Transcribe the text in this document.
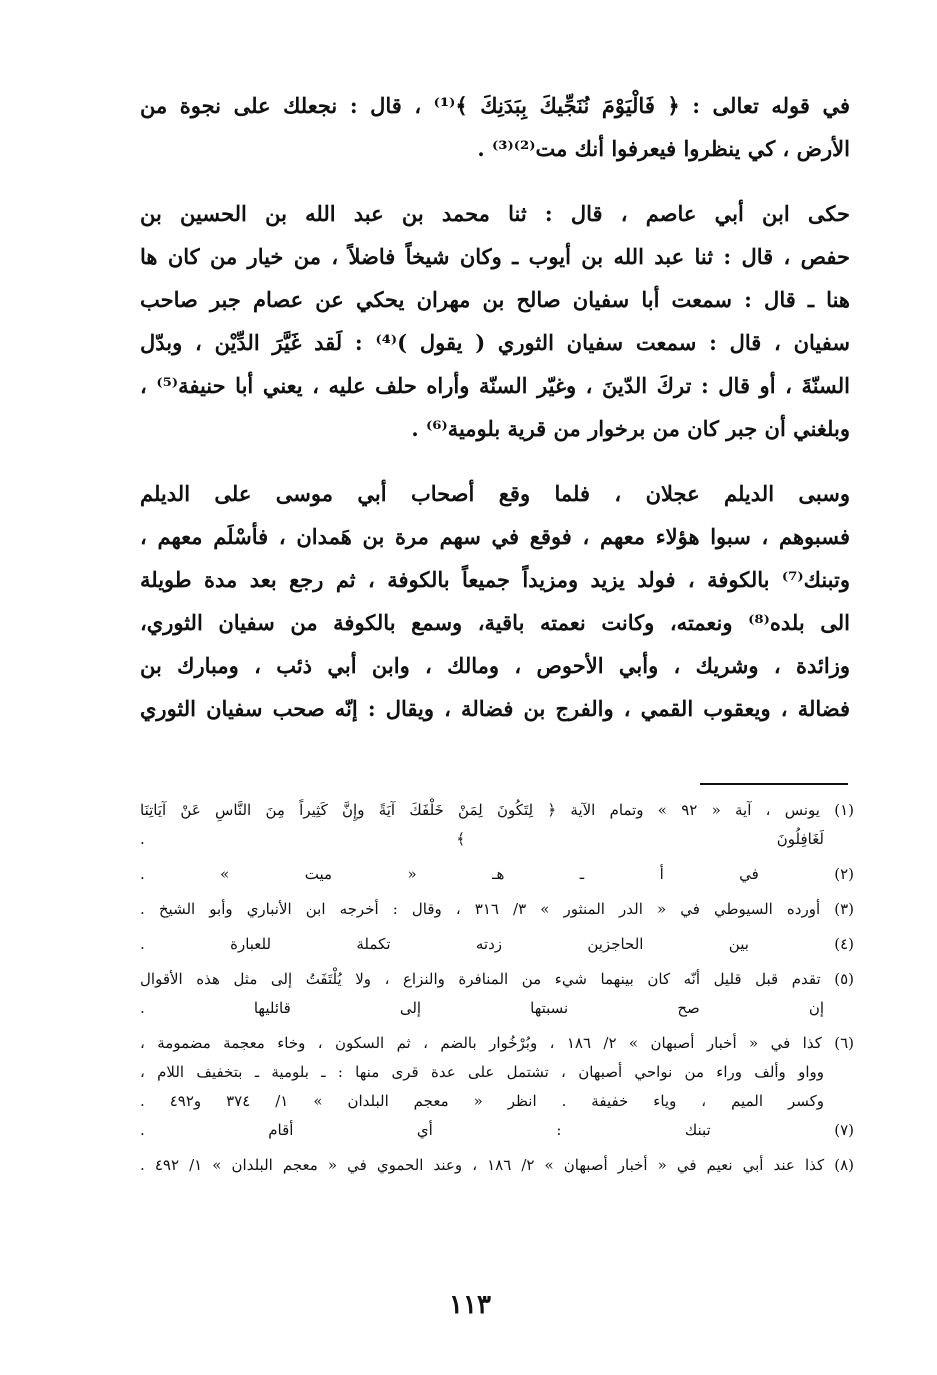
في قوله تعالى : ﴿ فَالْيَوْمَ نُنَجِّيكَ بِبَدَنِكَ ﴾⁽¹⁾ ، قال : نجعلك على نجوة من
الأرض ، كي ينظروا فيعرفوا أنك مت⁽²⁾⁽³⁾ .

حكى ابن أبي عاصم ، قال : ثنا محمد بن عبد الله بن الحسين بن
حفص ، قال : ثنا عبد الله بن أيوب ـ وكان شيخاً فاضلاً ، من خيار من كان ها
هنا ـ قال : سمعت أبا سفيان صالح بن مهران يحكي عن عصام جبر صاحب
سفيان ، قال : سمعت سفيان الثوري ( يقول )⁽⁴⁾ : لَقد غَيَّرَ الدِّيْن ، وبدّل
السنّةَ ، أو قال : تركَ الدّينَ ، وغيّر السنّة وأراه حلف عليه ، يعني أبا حنيفة⁽⁵⁾ ،
وبلغني أن جبر كان من برخوار من قرية بلومية⁽⁶⁾ .

وسبى الديلم عجلان ، فلما وقع أصحاب أبي موسى على الديلم
فسبوهم ، سبوا هؤلاء معهم ، فوقع في سهم مرة بن هَمدان ، فأسْلَم معهم ،
وتبنك⁽⁷⁾ بالكوفة ، فولد يزيد ومزيداً جميعاً بالكوفة ، ثم رجع بعد مدة طويلة
الى بلده⁽⁸⁾ ونعمته، وكانت نعمته باقية، وسمع بالكوفة من سفيان الثوري،
وزائدة ، وشريك ، وأبي الأحوص ، ومالك ، وابن أبي ذئب ، ومبارك بن
فضالة ، ويعقوب القمي ، والفرج بن فضالة ، ويقال : إنّه صحب سفيان الثوري

(١) يونس ، آية « ٩٢ » وتمام الآية ﴿ لِتَكُونَ لِمَنْ خَلْفَكَ آيَةً وإِنَّ كَثِيراً مِنَ النَّاسِ عَنْ آيَاتِنَا
لَغَافِلُونَ ﴾ .
(٢) في أ ـ هـ « ميت » .
(٣) أورده السيوطي في « الدر المنثور » ٣/ ٣١٦ ، وقال : أخرجه ابن الأنباري وأبو الشيخ .
(٤) بين الحاجزين زدته تكملة للعبارة .
(٥) تقدم قبل قليل أنّه كان بينهما شيء من المنافرة والنزاع ، ولا يُلْتَفَتُ إلى مثل هذه الأقوال
إن صح نسبتها إلى قائليها .
(٦) كذا في « أخبار أصبهان » ٢/ ١٨٦ ، وبُرْخُوار بالضم ، ثم السكون ، وخاء معجمة مضمومة ،
وواو وألف وراء من نواحي أصبهان ، تشتمل على عدة قرى منها : ـ بلومية ـ بتخفيف اللام ،
وكسر الميم ، وياء خفيفة . انظر « معجم البلدان » ١/ ٣٧٤ و٤٩٢ .
(٧) تبنك : أي أقام .
(٨) كذا عند أبي نعيم في « أخبار أصبهان » ٢/ ١٨٦ ، وعند الحموي في « معجم البلدان » ١/ ٤٩٢ .
١١٣
